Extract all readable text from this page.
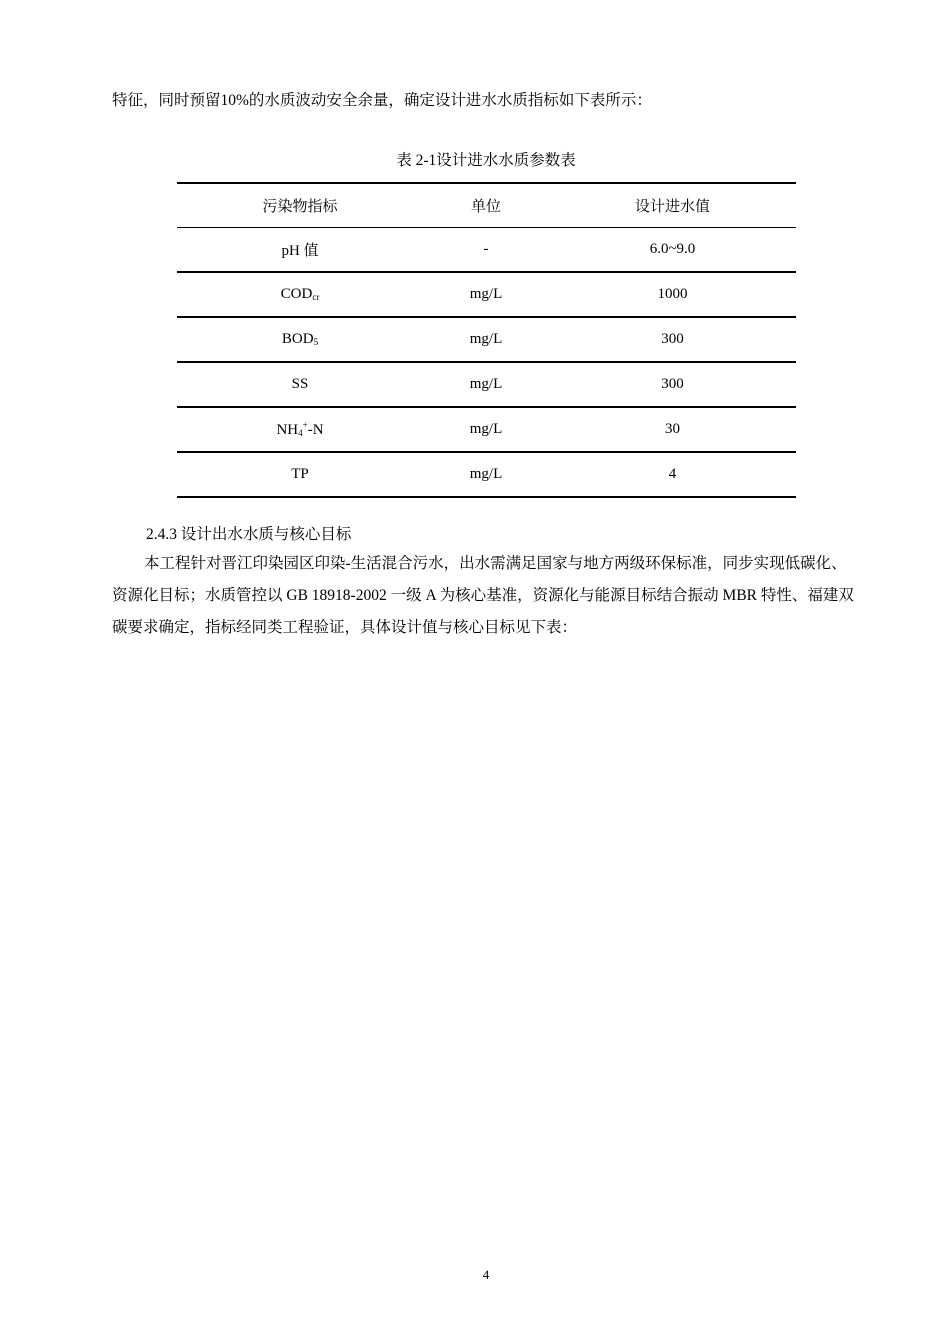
特征，同时预留10%的水质波动安全余量，确定设计进水水质指标如下表所示：

表 2-1设计进水水质参数表
污染物指标	单位	设计进水值
pH 值	-	6.0~9.0
$COD_{cr}$	mg/L	1000
$BOD_5$	mg/L	300
SS	mg/L	300
$NH_4^+-N$	mg/L	30
TP	mg/L	4
2.4.3 设计出水水质与核心目标

本工程针对晋江印染园区印染-生活混合污水，出水需满足国家与地方两级环保标准，同步实现低碳化、资源化目标；水质管控以 GB 18918-2002 一级 A 为核心基准，资源化与能源目标结合振动 MBR 特性、福建双碳要求确定，指标经同类工程验证，具体设计值与核心目标见下表：

4
